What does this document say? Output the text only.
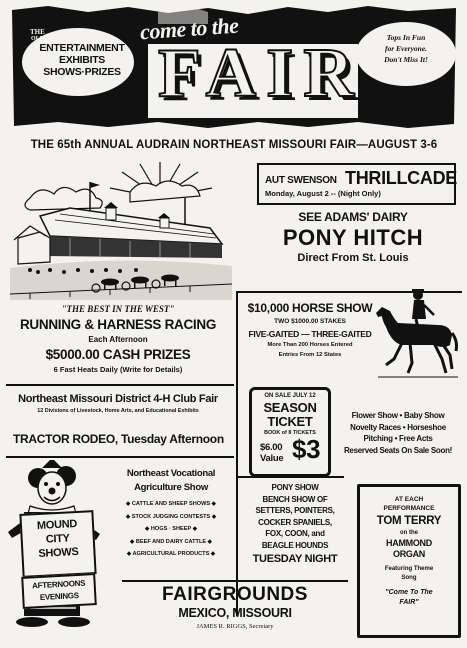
THE
OLD
ENTERTAINMENT
EXHIBITS
SHOWS·PRIZES
come to the
FAIR	Tops In Fun
for Everyone.
Don't Miss It!
THE 65th ANNUAL AUDRAIN NORTHEAST MISSOURI FAIR—AUGUST 3-6
AUT SWENSON THRILLCADE
Monday, August 2 -- (Night Only)
SEE ADAMS' DAIRY
PONY HITCH
Direct From St. Louis
"THE BEST IN THE WEST"
RUNNING & HARNESS RACING
Each Afternoon
$5000.00 CASH PRIZES
6 Fast Heats Daily (Write for Details)
$10,000 HORSE SHOW
TWO $1000.00 STAKES
FIVE-GAITED — THREE-GAITED
More Than 200 Horses Entered
Entries From 12 States
Northeast Missouri District 4-H Club Fair
12 Divisions of Livestock, Home Arts, and Educational Exhibits
TRACTOR RODEO, Tuesday Afternoon
ON SALE JULY 12
SEASON
TICKET
BOOK of 8 TICKETS
$6.00
Value $3
Flower Show • Baby Show
Novelty Races • Horseshoe
Pitching • Free Acts
Reserved Seats On Sale Soon!
MOUND
CITY
SHOWS
AFTERNOONS
EVENINGS
Northeast Vocational
Agriculture Show
◆ CATTLE AND SHEEP SHOWS ◆
◆ STOCK JUDGING CONTESTS ◆
◆ HOGS · SHEEP ◆
◆ BEEF AND DAIRY CATTLE ◆
◆ AGRICULTURAL PRODUCTS ◆
PONY SHOW
BENCH SHOW OF
SETTERS, POINTERS,
COCKER SPANIELS,
FOX, COON, and
BEAGLE HOUNDS
TUESDAY NIGHT
AT EACH
PERFORMANCE
TOM TERRY
on the
HAMMOND
ORGAN
Featuring Theme
Song
"Come To The FAIR"
FAIRGROUNDS
MEXICO, MISSOURI
JAMES R. RIGGS, Secretary
